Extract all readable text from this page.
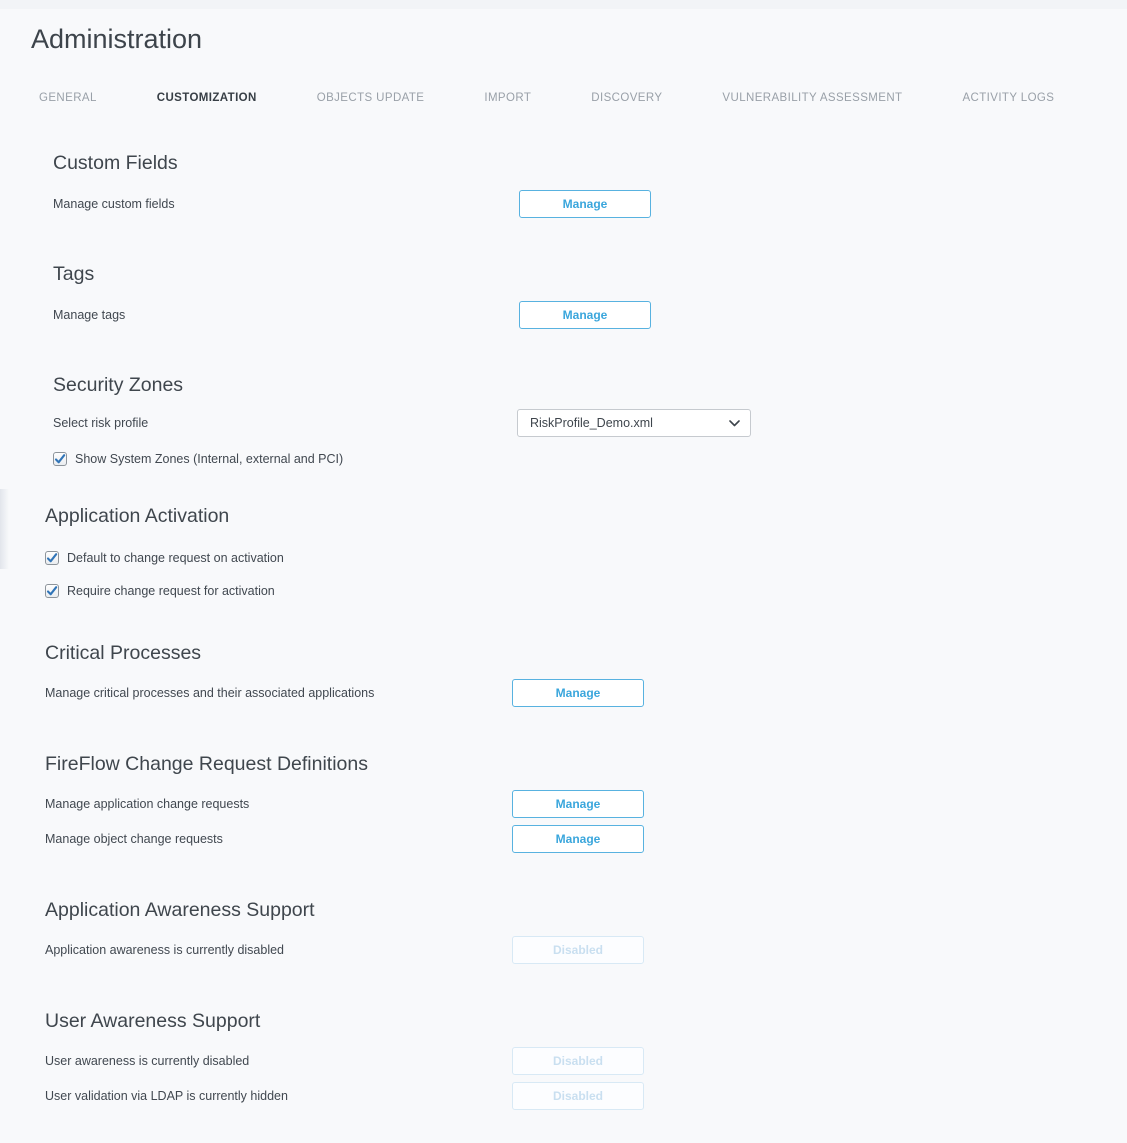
Administration
GENERAL	CUSTOMIZATION	OBJECTS UPDATE	IMPORT	DISCOVERY	VULNERABILITY ASSESSMENT	ACTIVITY LOGS
Custom Fields
Manage custom fields	Manage
Tags
Manage tags	Manage
Security Zones
Select risk profile	RiskProfile_Demo.xml
Show System Zones (Internal, external and PCI)
Application Activation
Default to change request on activation
Require change request for activation
Critical Processes
Manage critical processes and their associated applications	Manage
FireFlow Change Request Definitions
Manage application change requests	Manage
Manage object change requests	Manage
Application Awareness Support
Application awareness is currently disabled	Disabled
User Awareness Support
User awareness is currently disabled	Disabled
User validation via LDAP is currently hidden	Disabled
